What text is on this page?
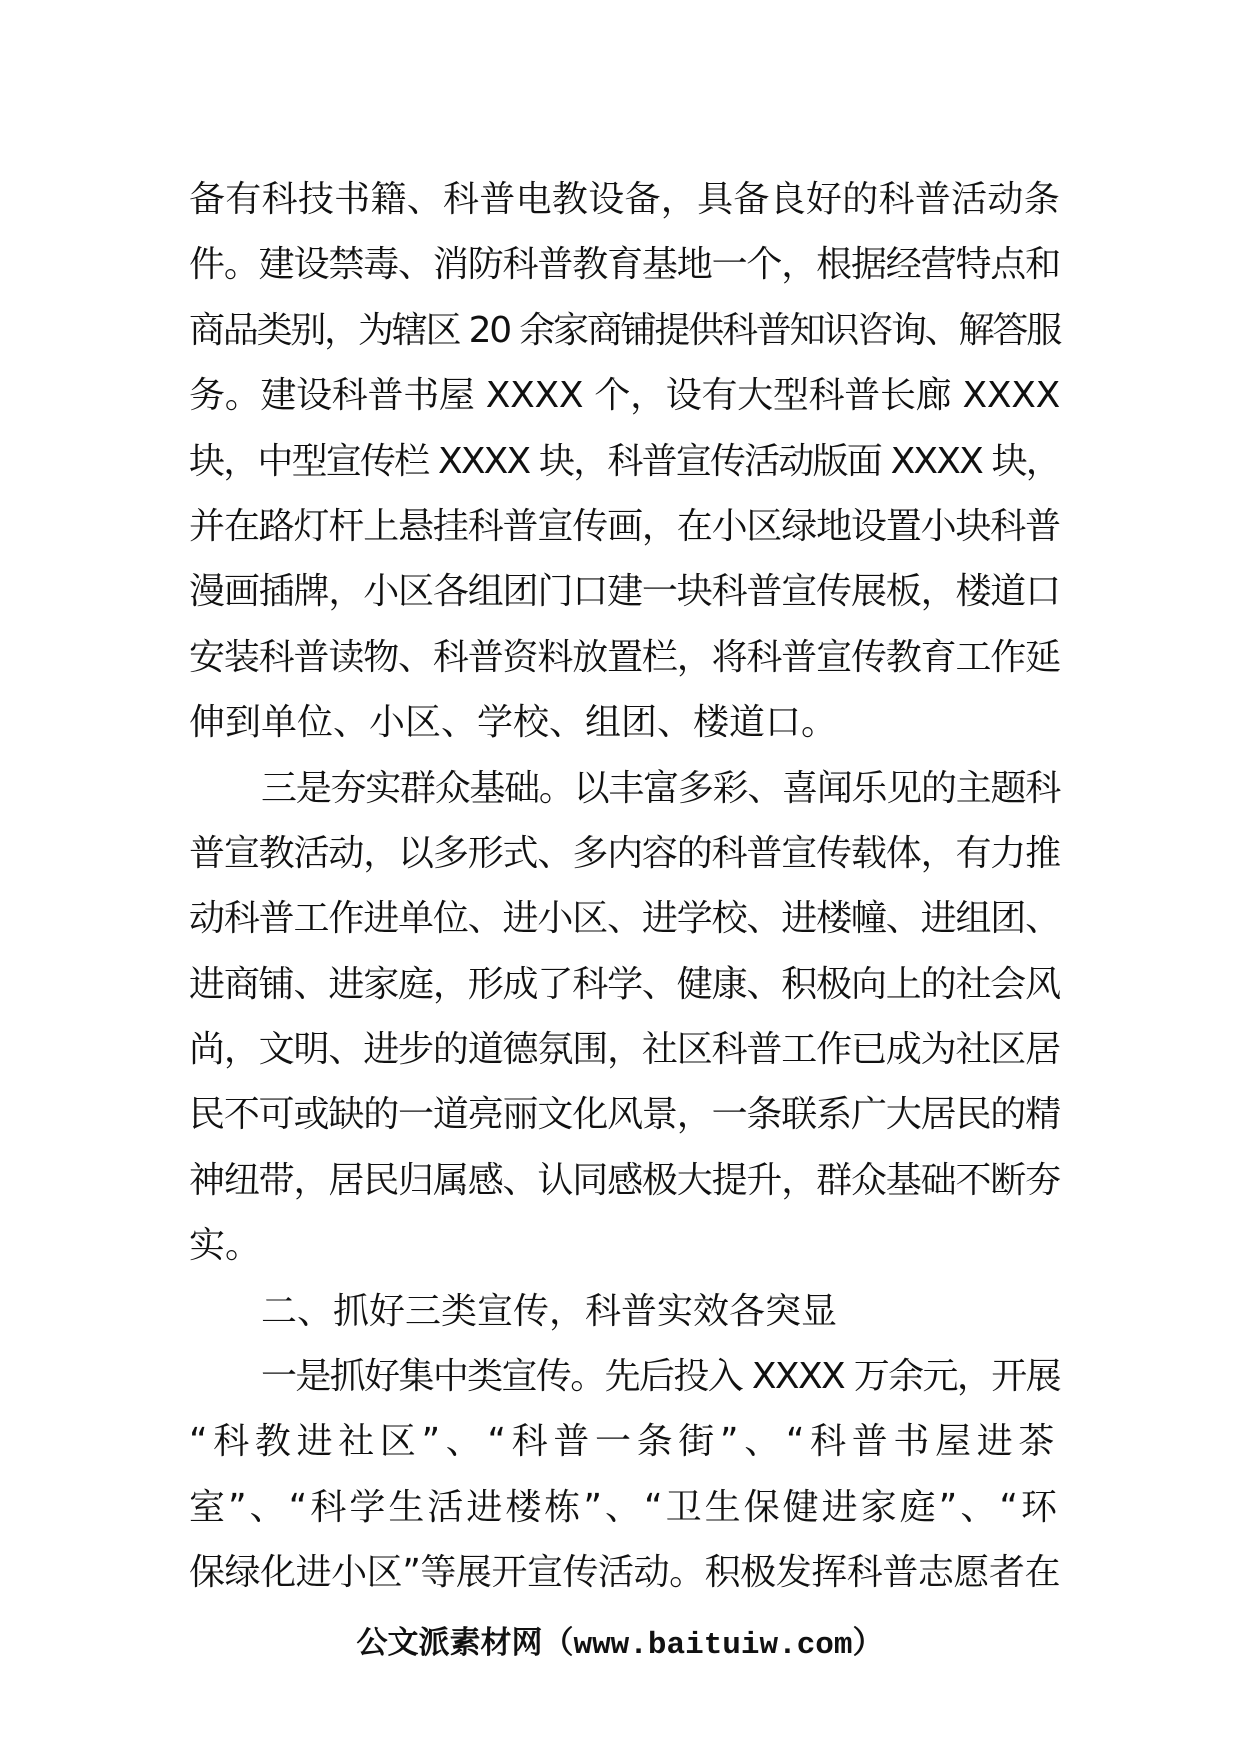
备有科技书籍、科普电教设备，具备良好的科普活动条
件。建设禁毒、消防科普教育基地一个，根据经营特点和
商品类别，为辖区 20 余家商铺提供科普知识咨询、解答服
务。建设科普书屋 XXXX 个，设有大型科普长廊 XXXX
块，中型宣传栏 XXXX 块，科普宣传活动版面 XXXX 块，
并在路灯杆上悬挂科普宣传画，在小区绿地设置小块科普
漫画插牌，小区各组团门口建一块科普宣传展板，楼道口
安装科普读物、科普资料放置栏，将科普宣传教育工作延
伸到单位、小区、学校、组团、楼道口。
三是夯实群众基础。以丰富多彩、喜闻乐见的主题科
普宣教活动，以多形式、多内容的科普宣传载体，有力推
动科普工作进单位、进小区、进学校、进楼幢、进组团、
进商铺、进家庭，形成了科学、健康、积极向上的社会风
尚，文明、进步的道德氛围，社区科普工作已成为社区居
民不可或缺的一道亮丽文化风景，一条联系广大居民的精
神纽带，居民归属感、认同感极大提升，群众基础不断夯
实。
二、抓好三类宣传，科普实效各突显
一是抓好集中类宣传。先后投入 XXXX 万余元，开展
“科教进社区”、“科普一条街”、“科普书屋进茶
室”、“科学生活进楼栋”、“卫生保健进家庭”、“环
保绿化进小区”等展开宣传活动。积极发挥科普志愿者在
公文派素材网（www.baituiw.com）
